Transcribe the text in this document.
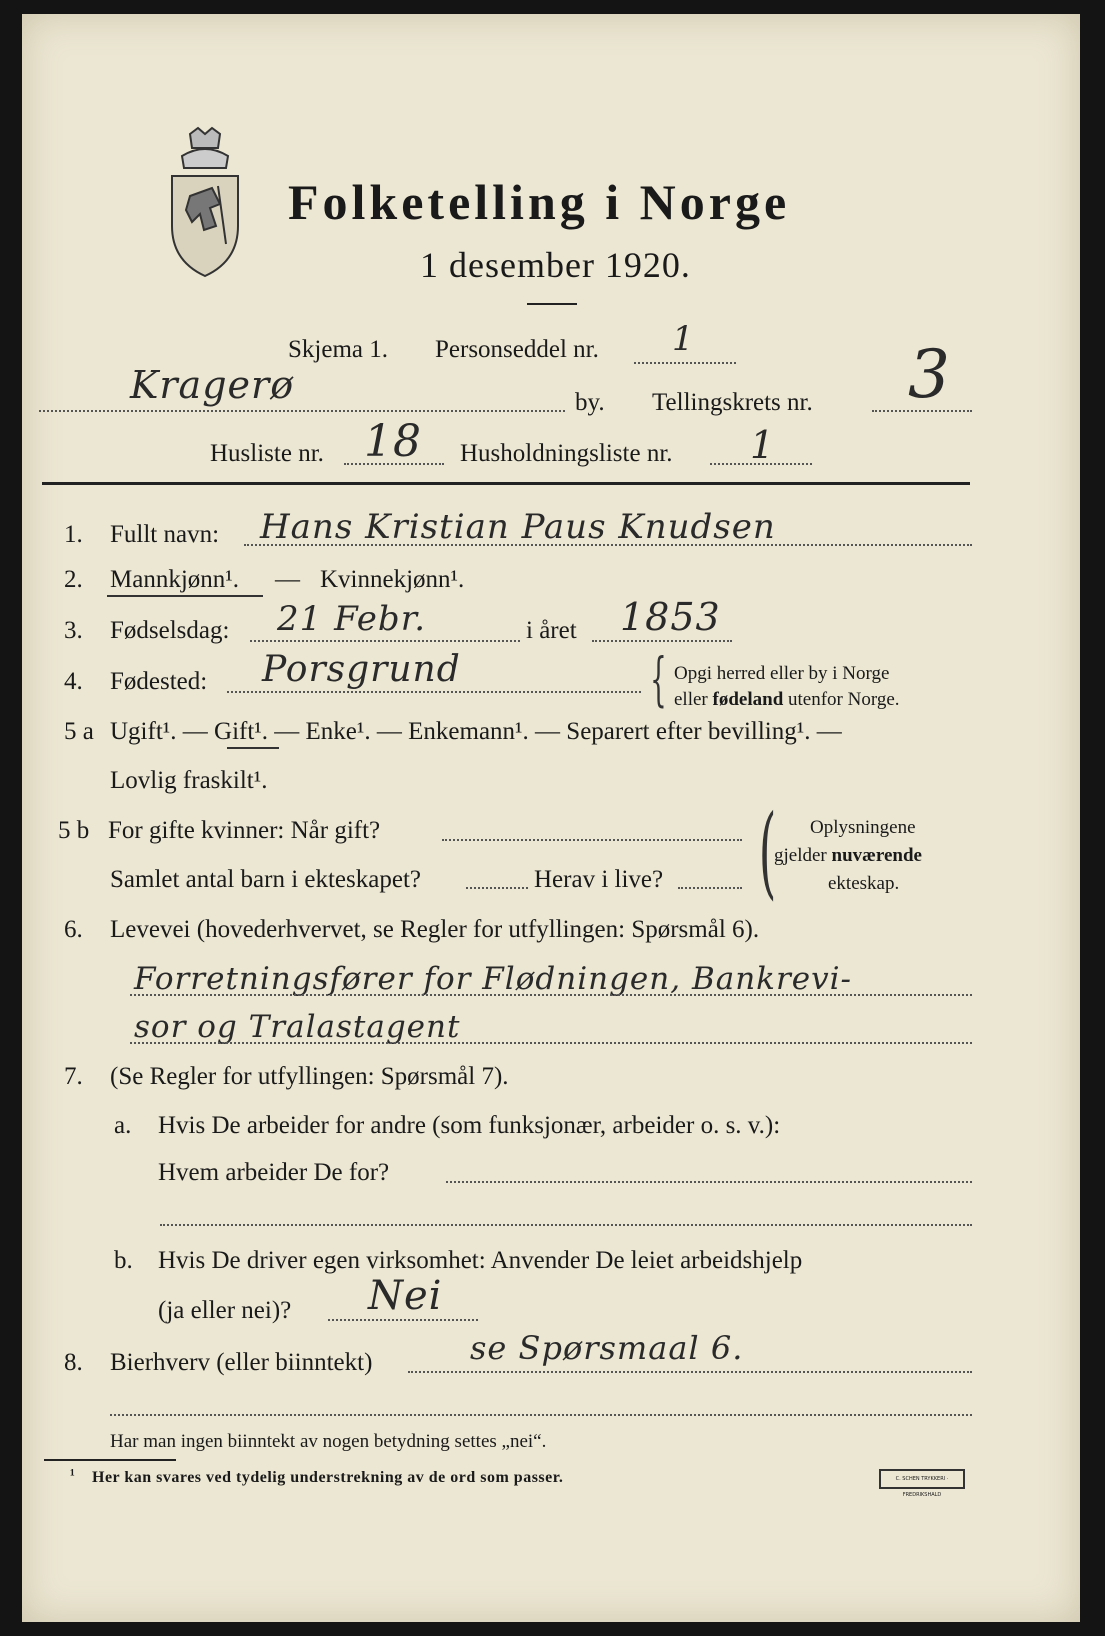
Folketelling i Norge
1 desember 1920.
Skjema 1. Personseddel nr. 1
Kragerø	by. Tellingskrets nr. 3
Husliste nr. 18 Husholdningsliste nr. 1
1. Fullt navn: Hans Kristian Paus Knudsen
2. Mannkjønn¹. — Kvinnekjønn¹.
3. Fødselsdag: 21 Febr.	i året 1853
4. Fødested: Porsgrund	{ Opgi herred eller by i Norge
eller fødeland utenfor Norge.
5 a Ugift¹. — Gift¹. — Enke¹. — Enkemann¹. — Separert efter bevilling¹. —
Lovlig fraskilt¹.
5 b For gifte kvinner: Når gift?
Samlet antal barn i ekteskapet?	Herav i live? ( Oplysningene
gjelder nuværende
ekteskap.
6. Levevei (hovederhvervet, se Regler for utfyllingen: Spørsmål 6).
Forretningsfører for Flødningen, Bankrevi-
sor og Tralastagent
7. (Se Regler for utfyllingen: Spørsmål 7).
a. Hvis De arbeider for andre (som funksjonær, arbeider o. s. v.):
Hvem arbeider De for?
b. Hvis De driver egen virksomhet: Anvender De leiet arbeidshjelp
(ja eller nei)? Nei
8. Bierhverv (eller biinntekt)	se Spørsmaal 6.
Har man ingen biinntekt av nogen betydning settes „nei“.
¹ Her kan svares ved tydelig understrekning av de ord som passer.	C. SCHEN TRYKKERI · FREDRIKSHALD
